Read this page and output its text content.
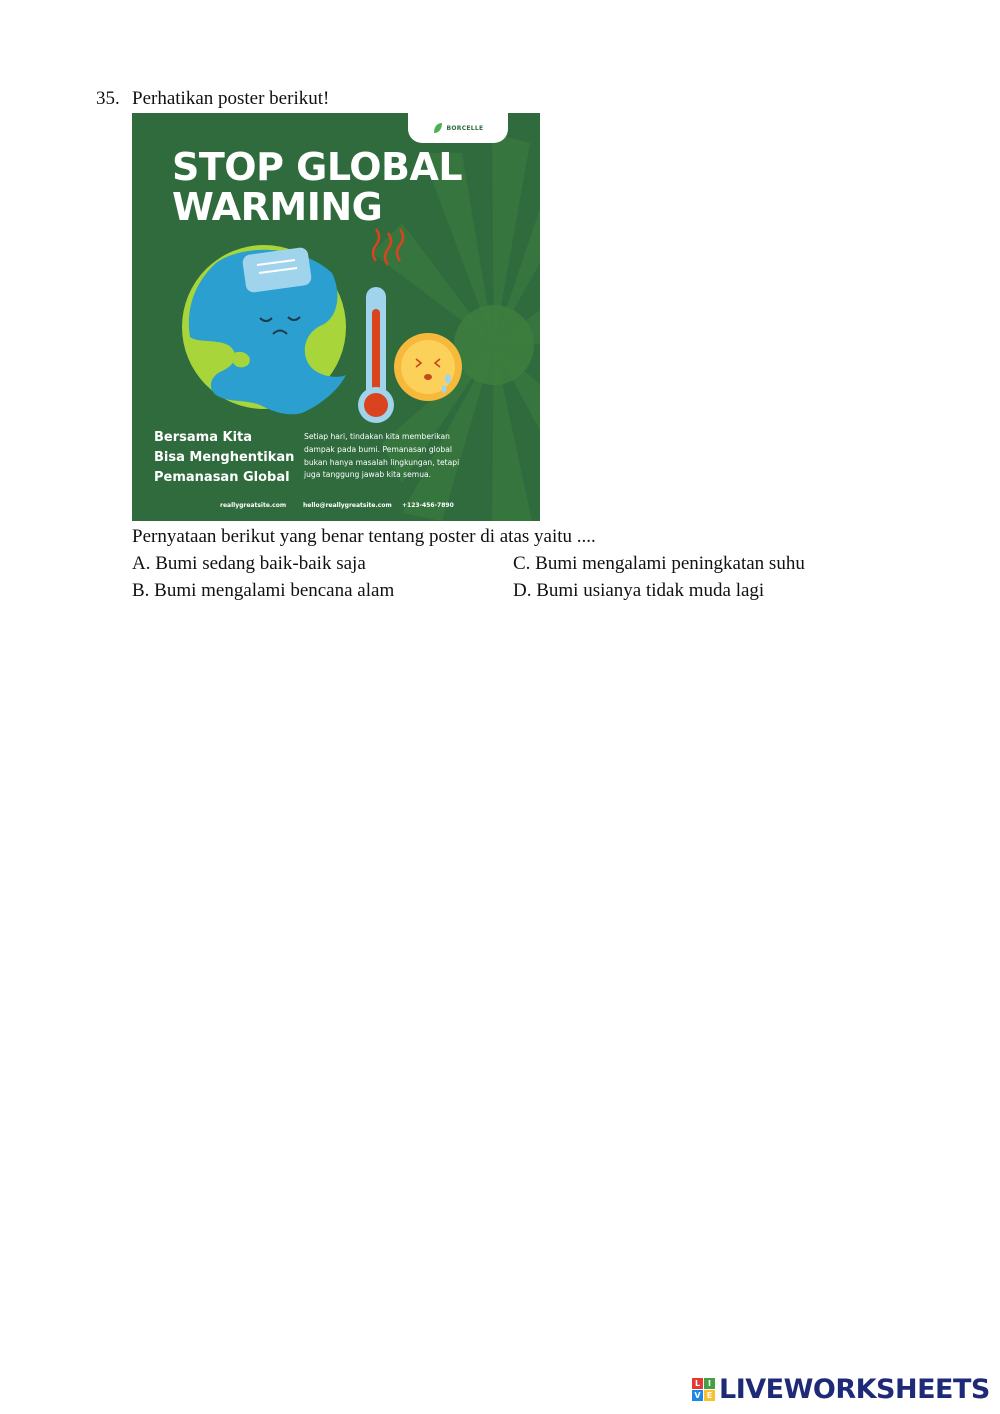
35. Perhatikan poster berikut!
BORCELLE
STOP GLOBAL
WARMING
Bersama Kita
Bisa Menghentikan
Pemanasan Global
Setiap hari, tindakan kita memberikan
dampak pada bumi. Pemanasan global
bukan hanya masalah lingkungan, tetapi
juga tanggung jawab kita semua.
reallygreatsite.com	hello@reallygreatsite.com +123-456-7890
Pernyataan berikut yang benar tentang poster di atas yaitu ....
A. Bumi sedang baik-baik saja
B. Bumi mengalami bencana alam
C. Bumi mengalami peningkatan suhu
D. Bumi usianya tidak muda lagi
L I
V E LIVEWORKSHEETS
